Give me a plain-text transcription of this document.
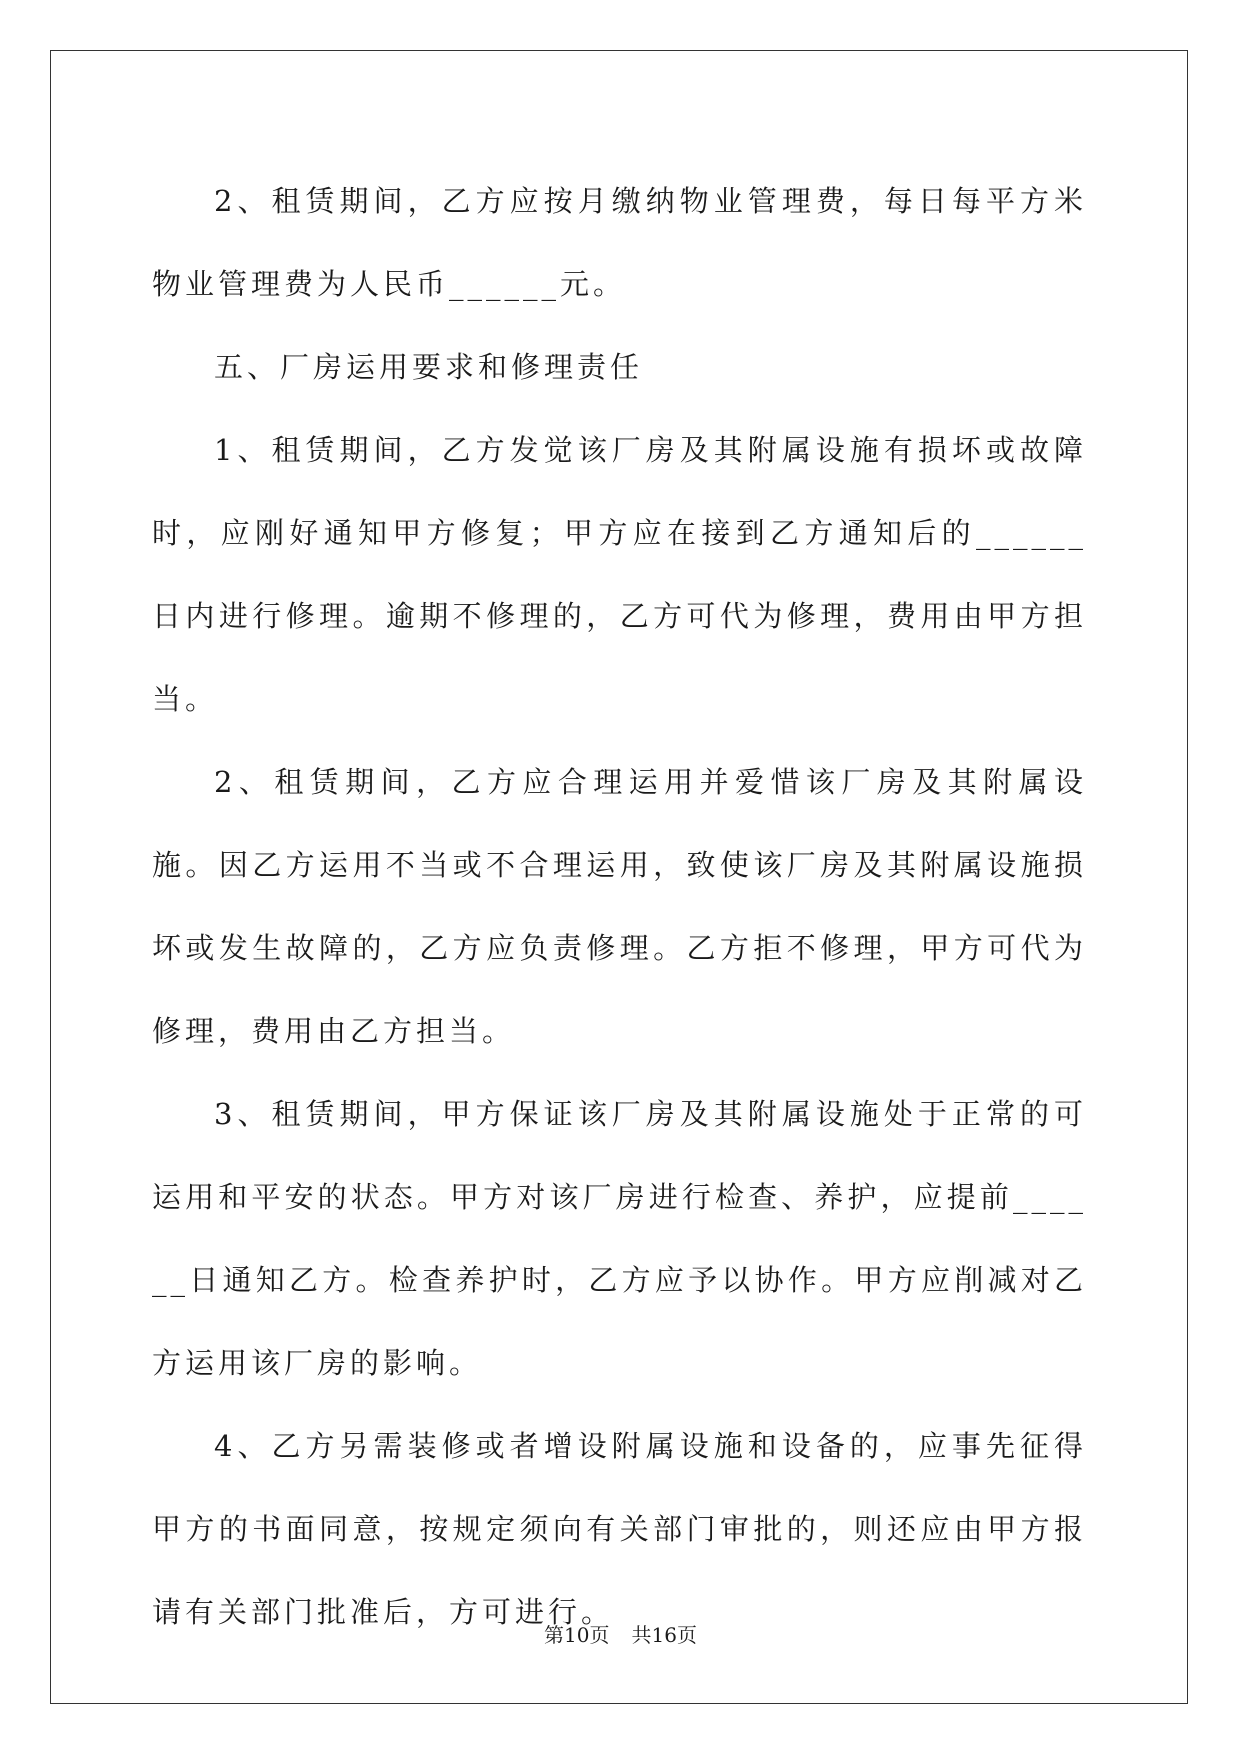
2、租赁期间，乙方应按月缴纳物业管理费，每日每平方米物业管理费为人民币______元。

五、厂房运用要求和修理责任

1、租赁期间，乙方发觉该厂房及其附属设施有损坏或故障时，应刚好通知甲方修复；甲方应在接到乙方通知后的______日内进行修理。逾期不修理的，乙方可代为修理，费用由甲方担当。

2、租赁期间，乙方应合理运用并爱惜该厂房及其附属设施。因乙方运用不当或不合理运用，致使该厂房及其附属设施损坏或发生故障的，乙方应负责修理。乙方拒不修理，甲方可代为修理，费用由乙方担当。

3、租赁期间，甲方保证该厂房及其附属设施处于正常的可运用和平安的状态。甲方对该厂房进行检查、养护，应提前______日通知乙方。检查养护时，乙方应予以协作。甲方应削减对乙方运用该厂房的影响。

4、乙方另需装修或者增设附属设施和设备的，应事先征得甲方的书面同意，按规定须向有关部门审批的，则还应由甲方报请有关部门批准后，方可进行。

第10页 共16页
